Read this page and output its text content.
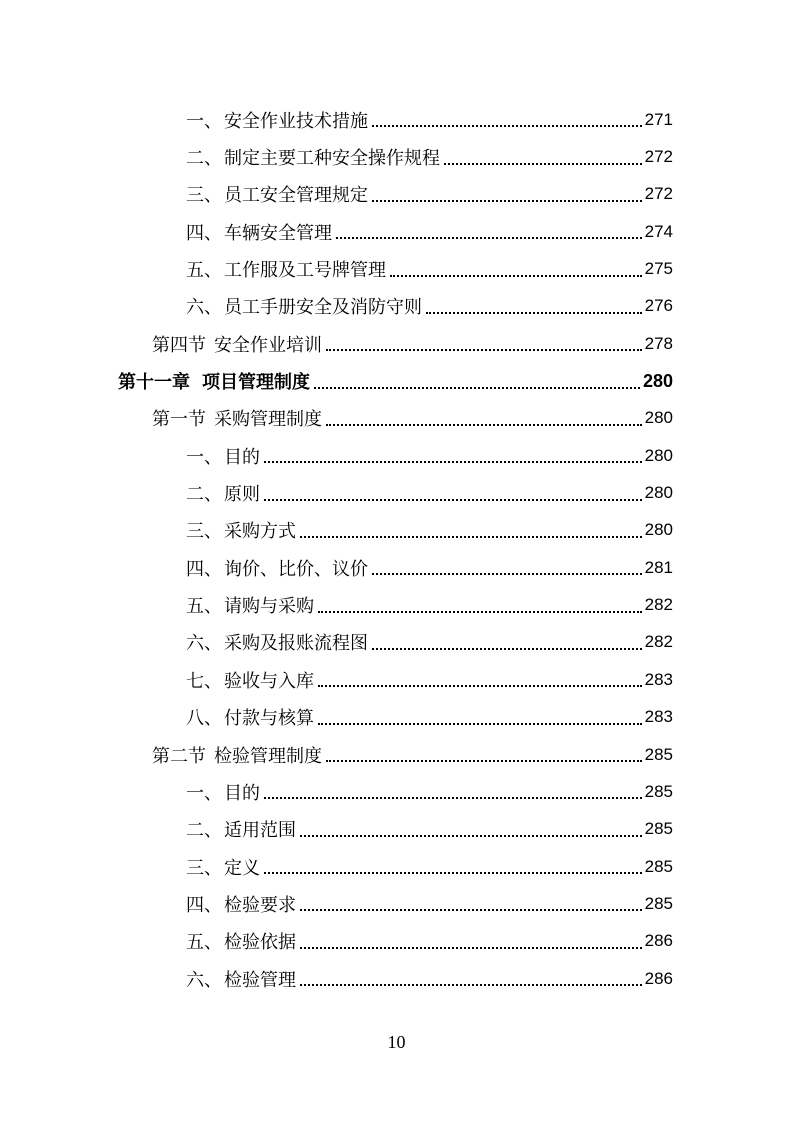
一、 安全作业技术措施	271
二、 制定主要工种安全操作规程	272
三、 员工安全管理规定	272
四、 车辆安全管理	274
五、 工作服及工号牌管理	275
六、 员工手册安全及消防守则	276
第四节 安全作业培训	278
第十一章 项目管理制度	280
第一节 采购管理制度	280
一、 目的	280
二、 原则	280
三、 采购方式	280
四、 询价、比价、议价	281
五、 请购与采购	282
六、 采购及报账流程图	282
七、 验收与入库	283
八、 付款与核算	283
第二节 检验管理制度	285
一、 目的	285
二、 适用范围	285
三、 定义	285
四、 检验要求	285
五、 检验依据	286
六、 检验管理	286
10
